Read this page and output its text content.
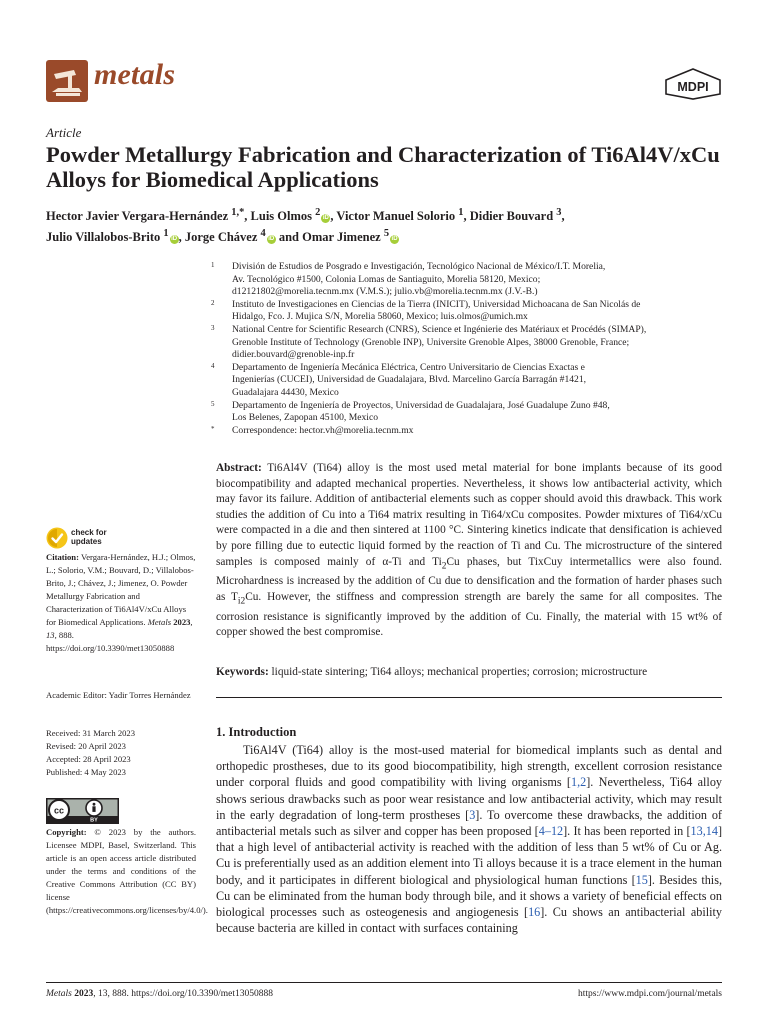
metals	MDPI
Article
Powder Metallurgy Fabrication and Characterization of Ti6Al4V/xCu Alloys for Biomedical Applications
Hector Javier Vergara-Hernández $^{1,*}$, Luis Olmos $^2$iD , Victor Manuel Solorio $^1$, Didier Bouvard $^3$,
Julio Villalobos-Brito $^1$iD , Jorge Chávez $^4$iD and Omar Jimenez $^5$iD
1 División de Estudios de Posgrado e Investigación, Tecnológico Nacional de México/I.T. Morelia,
Av. Tecnológico #1500, Colonia Lomas de Santiaguito, Morelia 58120, Mexico;
d12121802@morelia.tecnm.mx (V.M.S.); julio.vb@morelia.tecnm.mx (J.V.-B.)
2 Instituto de Investigaciones en Ciencias de la Tierra (INICIT), Universidad Michoacana de San Nicolás de
Hidalgo, Fco. J. Mujica S/N, Morelia 58060, Mexico; luis.olmos@umich.mx
3 National Centre for Scientific Research (CNRS), Science et Ingénierie des Matériaux et Procédés (SIMAP),
Grenoble Institute of Technology (Grenoble INP), Universite Grenoble Alpes, 38000 Grenoble, France;
didier.bouvard@grenoble-inp.fr
4 Departamento de Ingeniería Mecánica Eléctrica, Centro Universitario de Ciencias Exactas e
Ingenierías (CUCEI), Universidad de Guadalajara, Blvd. Marcelino García Barragán #1421,
Guadalajara 44430, Mexico
5 Departamento de Ingeniería de Proyectos, Universidad de Guadalajara, José Guadalupe Zuno #48,
Los Belenes, Zapopan 45100, Mexico
* Correspondence: hector.vh@morelia.tecnm.mx
Abstract: Ti6Al4V (Ti64) alloy is the most used metal material for bone implants because of its good biocompatibility and adapted mechanical properties. Nevertheless, it shows low antibacterial activity, which may favor its failure. Addition of antibacterial elements such as copper should avoid this drawback. This work studies the addition of Cu into a Ti64 matrix resulting in Ti64/xCu composites. Powder mixtures of Ti64/xCu were compacted in a die and then sintered at 1100 °C. Sintering kinetics indicate that densification is achieved by pore filling due to eutectic liquid formed by the reaction of Ti and Cu. The microstructure of the sintered samples is composed mainly of α-Ti and $Ti_2Cu$ phases, but TixCuy intermetallics were also found. Microhardness is increased by the addition of Cu due to densification and the formation of harder phases such as $T_{i2}Cu$. However, the stiffness and compression strength are barely the same for all composites. The corrosion resistance is significantly improved by the addition of Cu. Finally, the material with 15 wt% of copper showed the best compromise.
Keywords: liquid-state sintering; Ti64 alloys; mechanical properties; corrosion; microstructure
1. Introduction
Ti6Al4V (Ti64) alloy is the most-used material for biomedical implants such as dental and orthopedic prostheses, due to its good biocompatibility, high strength, excellent corrosion resistance under corporal fluids and good compatibility with living organisms [1,2]. Nevertheless, Ti64 alloy shows serious drawbacks such as poor wear resistance and low antibacterial activity, which may result in the early degradation of long-term prostheses [3]. To overcome these drawbacks, the addition of antibacterial metals such as silver and copper has been proposed [4–12]. It has been reported in [13,14] that a high level of antibacterial activity is reached with the addition of less than 5 wt% of Cu or Ag. Cu is preferentially used as an addition element into Ti alloys because it is a trace element in the human body, and it participates in different biological and physiological human functions [15]. Besides this, Cu can be eliminated from the human body through bile, and it shows a variety of beneficial effects on biological processes such as osteogenesis and angiogenesis [16]. Cu shows an antibacterial ability because bacteria are killed in contact with surfaces containing
check for
updates
Citation: Vergara-Hernández, H.J.; Olmos, L.; Solorio, V.M.; Bouvard, D.; Villalobos-Brito, J.; Chávez, J.; Jimenez, O. Powder Metallurgy Fabrication and Characterization of Ti6Al4V/xCu Alloys for Biomedical Applications. Metals 2023, 13, 888. https://doi.org/10.3390/met13050888
Academic Editor: Yadir Torres Hernández
Received: 31 March 2023
Revised: 20 April 2023
Accepted: 28 April 2023
Published: 4 May 2023
cc
BY
Copyright: © 2023 by the authors. Licensee MDPI, Basel, Switzerland. This article is an open access article distributed under the terms and conditions of the Creative Commons Attribution (CC BY) license (https://creativecommons.org/licenses/by/4.0/).
Metals 2023, 13, 888. https://doi.org/10.3390/met13050888	https://www.mdpi.com/journal/metals
